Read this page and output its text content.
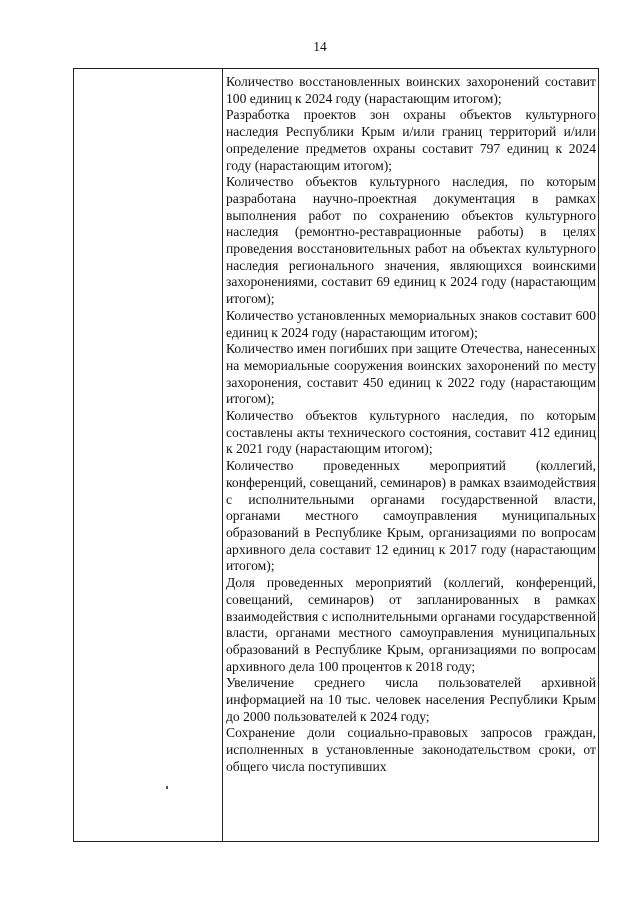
14

Количество восстановленных воинских захоронений составит 100 единиц к 2024 году (нарастающим итогом);

Разработка проектов зон охраны объектов культурного наследия Республики Крым и/или границ территорий и/или определение предметов охраны составит 797 единиц к 2024 году (нарастающим итогом);

Количество объектов культурного наследия, по которым разработана научно-проектная документация в рамках выполнения работ по сохранению объектов культурного наследия (ремонтно-реставрационные работы) в целях проведения восстановительных работ на объектах культурного наследия регионального значения, являющихся воинскими захоронениями, составит 69 единиц к 2024 году (нарастающим итогом);

Количество установленных мемориальных знаков составит 600 единиц к 2024 году (нарастающим итогом);

Количество имен погибших при защите Отечества, нанесенных на мемориальные сооружения воинских захоронений по месту захоронения, составит 450 единиц к 2022 году (нарастающим итогом);

Количество объектов культурного наследия, по которым составлены акты технического состояния, составит 412 единиц к 2021 году (нарастающим итогом);

Количество проведенных мероприятий (коллегий, конференций, совещаний, семинаров) в рамках взаимодействия с исполнительными органами государственной власти, органами местного самоуправления муниципальных образований в Республике Крым, организациями по вопросам архивного дела составит 12 единиц к 2017 году (нарастающим итогом);

Доля проведенных мероприятий (коллегий, конференций, совещаний, семинаров) от запланированных в рамках взаимодействия с исполнительными органами государственной власти, органами местного самоуправления муниципальных образований в Республике Крым, организациями по вопросам архивного дела 100 процентов к 2018 году;

Увеличение среднего числа пользователей архивной информацией на 10 тыс. человек населения Республики Крым до 2000 пользователей к 2024 году;

Сохранение доли социально-правовых запросов граждан, исполненных в установленные законодательством сроки, от общего числа поступивших
